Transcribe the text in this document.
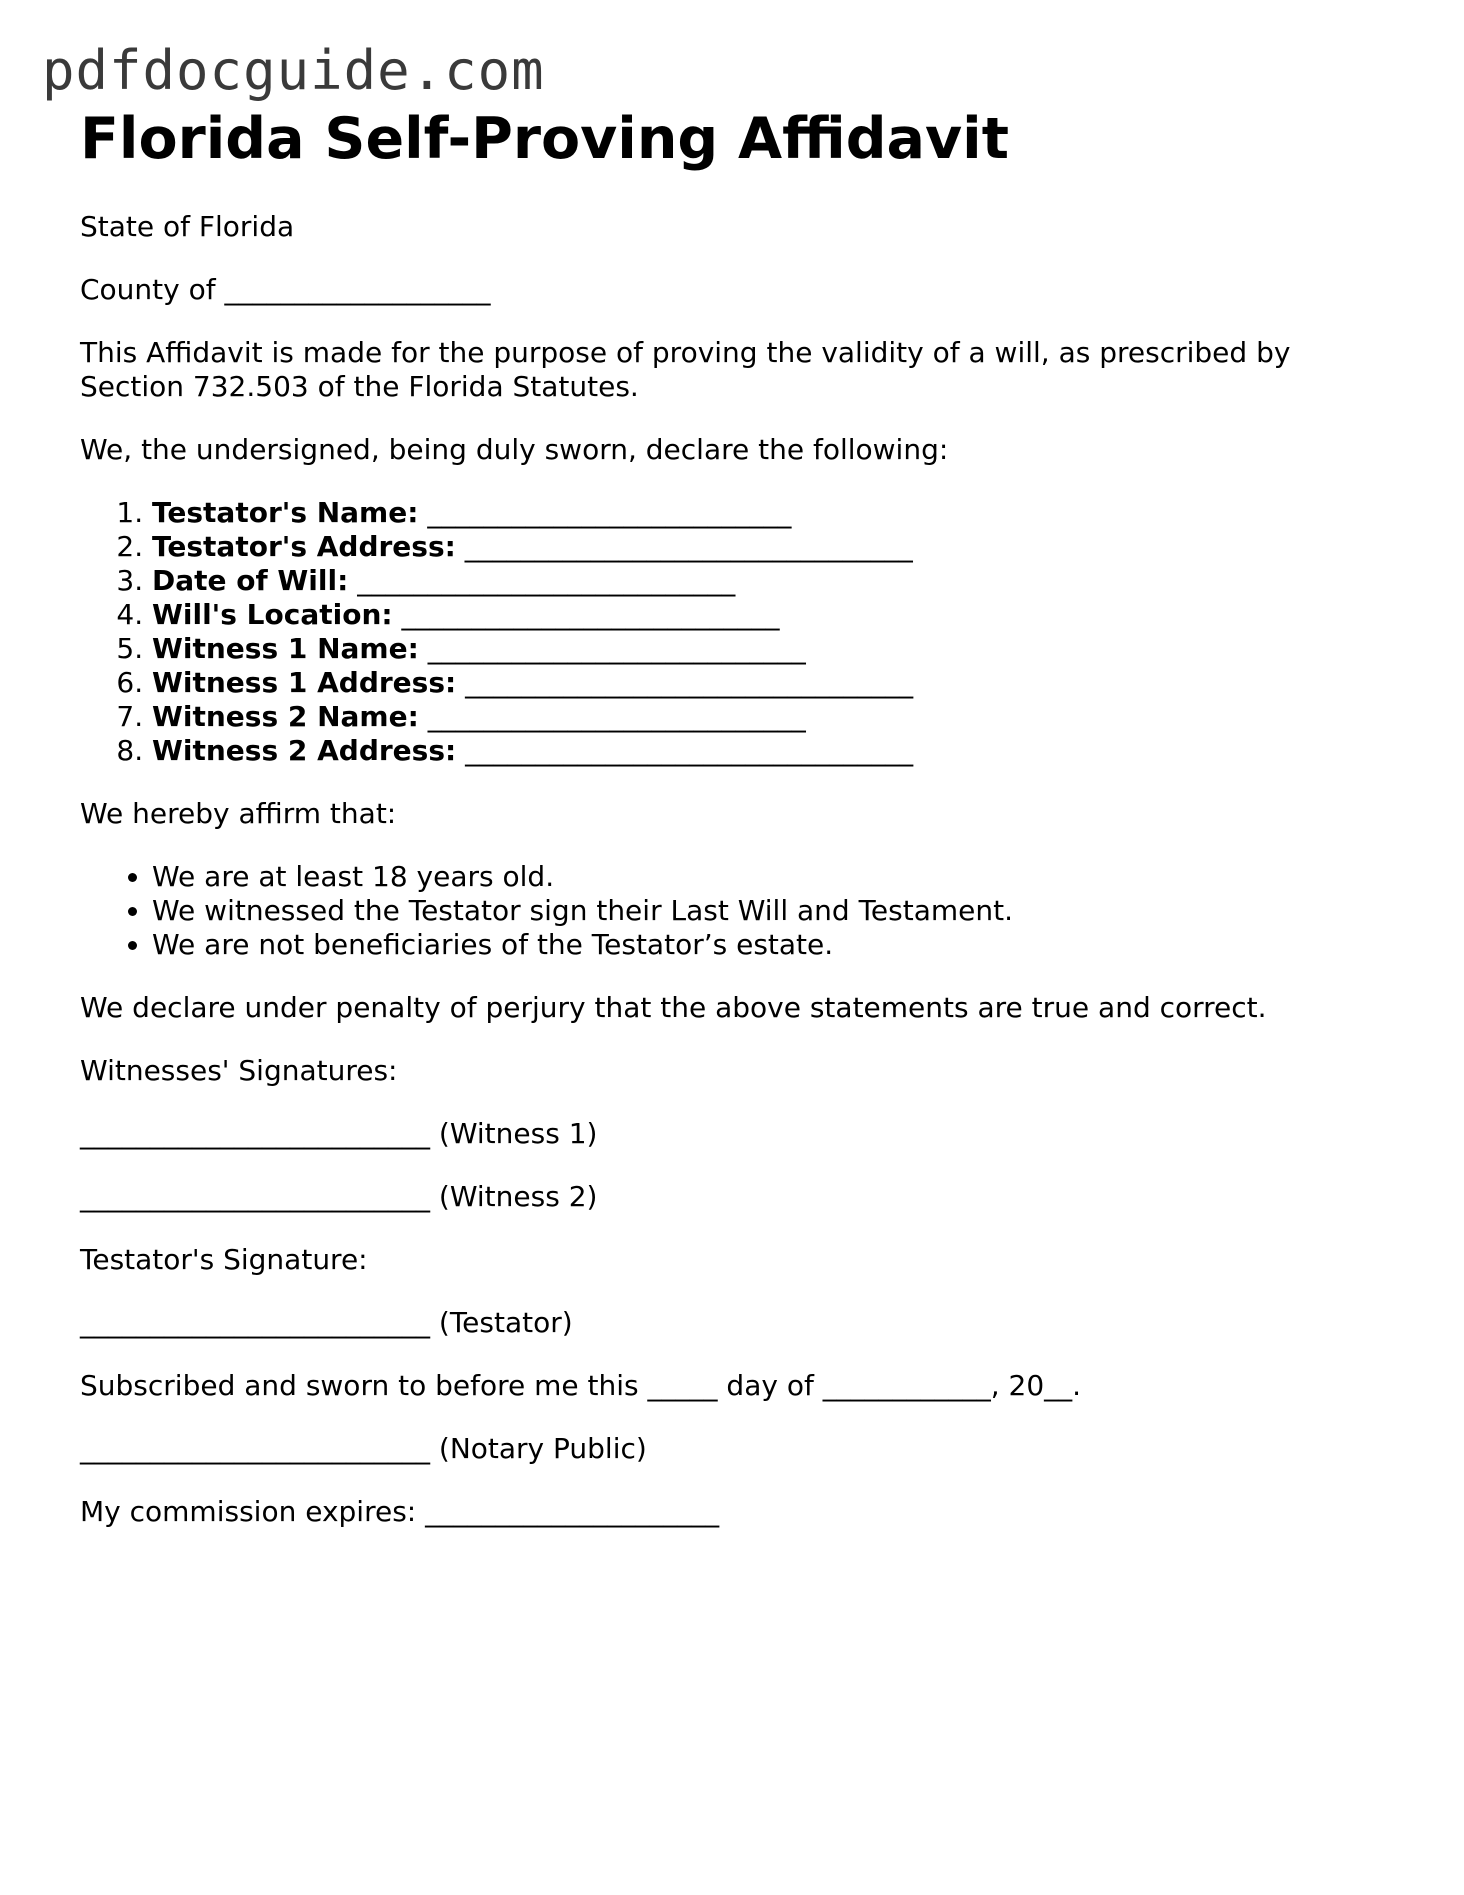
pdfdocguide.com
Florida Self-Proving Affidavit

State of Florida

County of ___________________

This Affidavit is made for the purpose of proving the validity of a will, as prescribed by Section 732.503 of the Florida Statutes.

We, the undersigned, being duly sworn, declare the following:

1. Testator's Name: __________________________
2. Testator's Address: ________________________________
3. Date of Will: ___________________________
4. Will's Location: ___________________________
5. Witness 1 Name: ___________________________
6. Witness 1 Address: ________________________________
7. Witness 2 Name: ___________________________
8. Witness 2 Address: ________________________________

We hereby affirm that:

• We are at least 18 years old.
• We witnessed the Testator sign their Last Will and Testament.
• We are not beneficiaries of the Testator’s estate.

We declare under penalty of perjury that the above statements are true and correct.

Witnesses' Signatures:

_________________________ (Witness 1)

_________________________ (Witness 2)

Testator's Signature:

_________________________ (Testator)

Subscribed and sworn to before me this _____ day of ____________, 20__.

_________________________ (Notary Public)

My commission expires: _____________________
